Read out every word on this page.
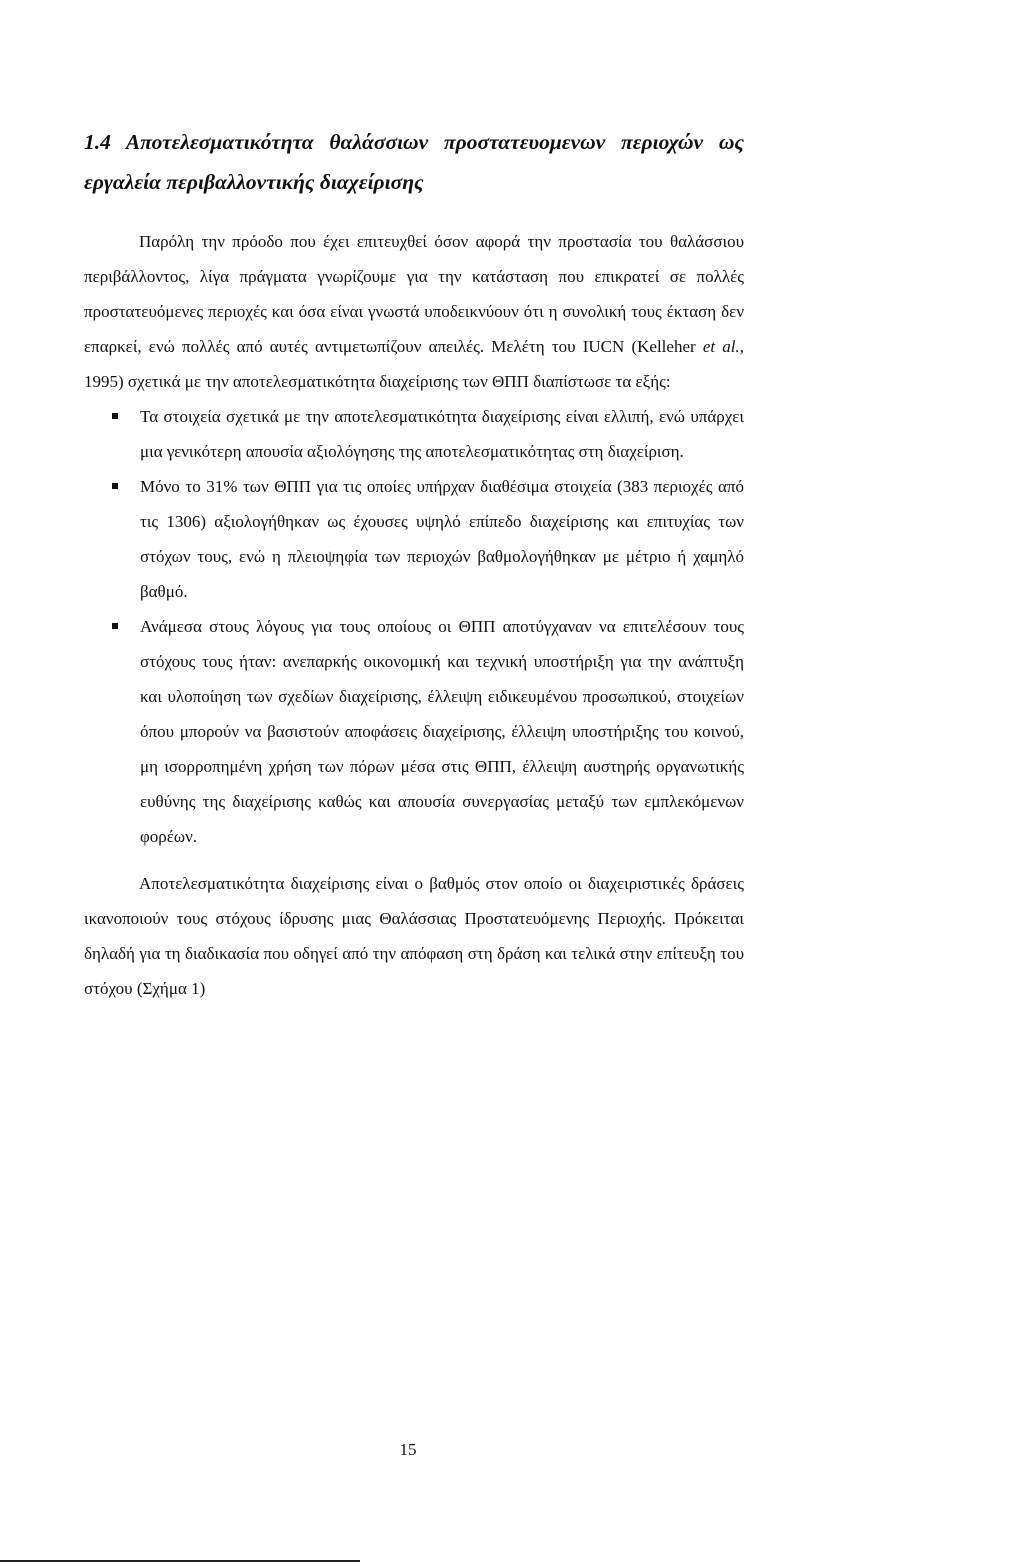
1.4 Αποτελεσματικότητα θαλάσσιων προστατευομενων περιοχών ως εργαλεία περιβαλλοντικής διαχείρισης

Παρόλη την πρόοδο που έχει επιτευχθεί όσον αφορά την προστασία του θαλάσσιου περιβάλλοντος, λίγα πράγματα γνωρίζουμε για την κατάσταση που επικρατεί σε πολλές προστατευόμενες περιοχές και όσα είναι γνωστά υποδεικνύουν ότι η συνολική τους έκταση δεν επαρκεί, ενώ πολλές από αυτές αντιμετωπίζουν απειλές. Μελέτη του IUCN (Kelleher et al., 1995) σχετικά με την αποτελεσματικότητα διαχείρισης των ΘΠΠ διαπίστωσε τα εξής:

Τα στοιχεία σχετικά με την αποτελεσματικότητα διαχείρισης είναι ελλιπή, ενώ υπάρχει μια γενικότερη απουσία αξιολόγησης της αποτελεσματικότητας στη διαχείριση.
Μόνο το 31% των ΘΠΠ για τις οποίες υπήρχαν διαθέσιμα στοιχεία (383 περιοχές από τις 1306) αξιολογήθηκαν ως έχουσες υψηλό επίπεδο διαχείρισης και επιτυχίας των στόχων τους, ενώ η πλειοψηφία των περιοχών βαθμολογήθηκαν με μέτριο ή χαμηλό βαθμό.
Ανάμεσα στους λόγους για τους οποίους οι ΘΠΠ αποτύγχαναν να επιτελέσουν τους στόχους τους ήταν: ανεπαρκής οικονομική και τεχνική υποστήριξη για την ανάπτυξη και υλοποίηση των σχεδίων διαχείρισης, έλλειψη ειδικευμένου προσωπικού, στοιχείων όπου μπορούν να βασιστούν αποφάσεις διαχείρισης, έλλειψη υποστήριξης του κοινού, μη ισορροπημένη χρήση των πόρων μέσα στις ΘΠΠ, έλλειψη αυστηρής οργανωτικής ευθύνης της διαχείρισης καθώς και απουσία συνεργασίας μεταξύ των εμπλεκόμενων φορέων.

Αποτελεσματικότητα διαχείρισης είναι ο βαθμός στον οποίο οι διαχειριστικές δράσεις ικανοποιούν τους στόχους ίδρυσης μιας Θαλάσσιας Προστατευόμενης Περιοχής. Πρόκειται δηλαδή για τη διαδικασία που οδηγεί από την απόφαση στη δράση και τελικά στην επίτευξη του στόχου (Σχήμα 1)

15
